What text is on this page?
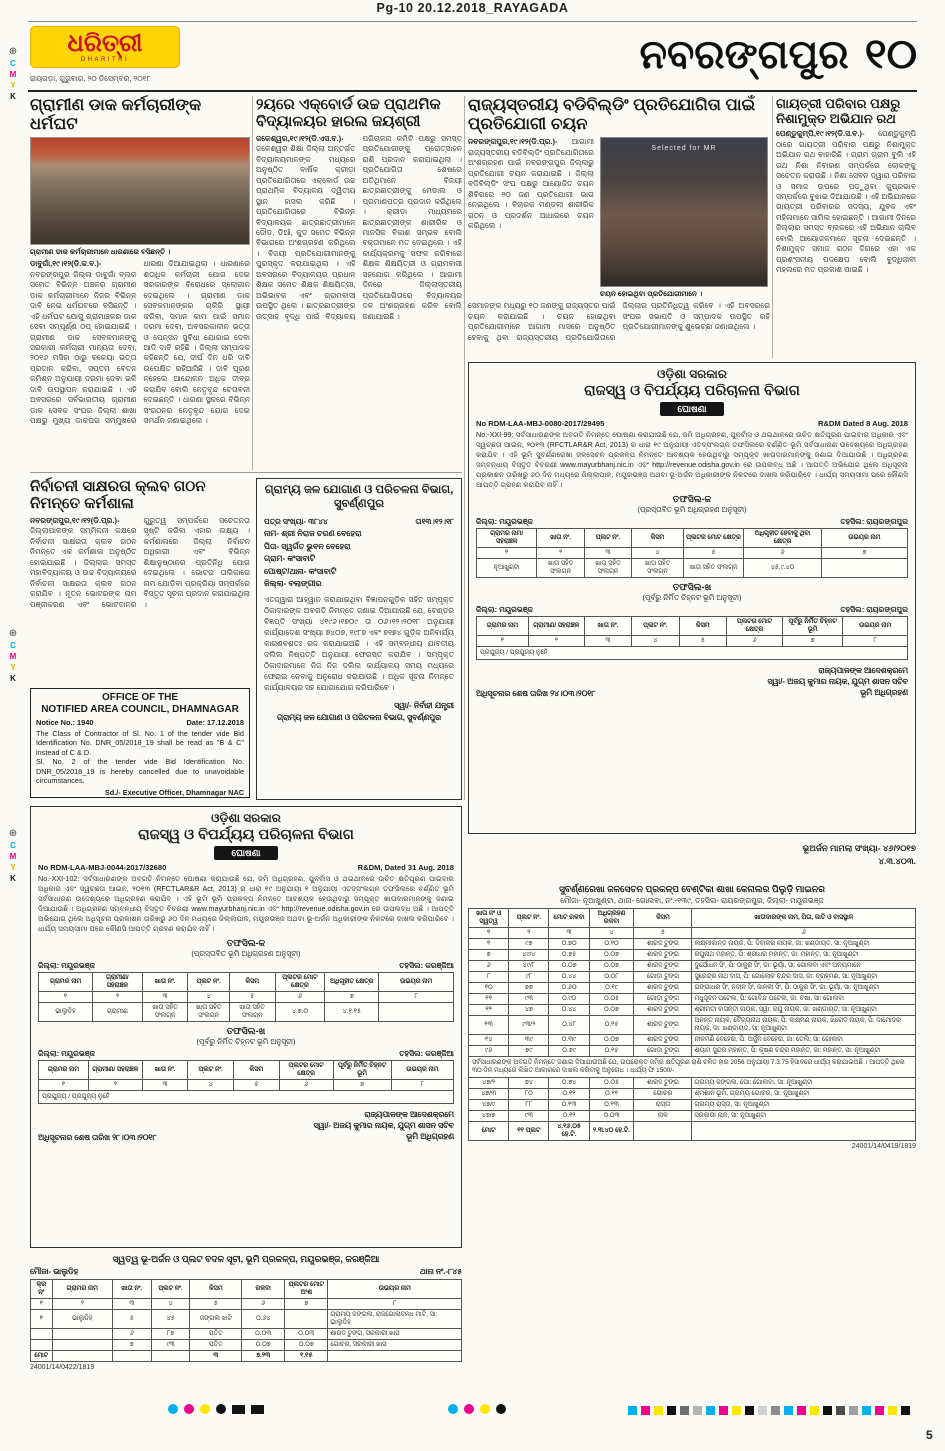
Pg-10 20.12.2018_RAYAGADA
ଧରିତ୍ରୀ
DHARITRI
ରାୟଗଡ଼ା, ଗୁରୁବାର, ୨୦ ଡିସେମ୍ବର, ୨୦୧୮
ନବରଙ୍ଗପୁର ୧୦
⊕
C
M
Y
K
⊕
C
M
Y
K
⊕
C
M
Y
K
ଗ୍ରାମୀଣ ଡାକ କର୍ମଚାରୀଙ୍କ ଧର୍ମଘଟ
ଗ୍ରାମୀଣ ଡାକ କର୍ମଚାରୀମାନେ ଧାରଣାରେ ବସିଛନ୍ତି ।

ଡାବୁଗାଁ,୧୯।୧୨(ଡି.କ.ବ.)- ନବରଙ୍ଗପୁର ଜିଲ୍ଲା ଡାବୁଗାଁ ବ୍ଲକ ସମେତ ବିଭିନ୍ନ ଅଞ୍ଚଳର ଗ୍ରାମୀଣ ଡାକ କର୍ମଚାରୀମାନେ ନିଜର ବିଭିନ୍ନ ଦାବି ନେଇ ଧର୍ମଘଟରେ ବସିଛନ୍ତି । ଏହି ଧର୍ମଘଟ ଯୋଗୁ ଗ୍ରାମାଞ୍ଚଳର ଡାକ ସେବା ସମ୍ପୂର୍ଣ୍ଣ ଠପ୍ ହୋଇଯାଇଛି । ଗ୍ରାମୀଣ ଡାକ ସେବକମାନଙ୍କୁ ସରକାରୀ କର୍ମଚାରୀ ମାନ୍ୟତା ଦେବା, ୨୦୧୬ ମସିହା ଠାରୁ ବକେୟା ଭତ୍ତା ପ୍ରଦାନ କରିବା, ସପ୍ତମ ବେତନ କମିଶନ ଅନୁଯାୟୀ ଦରମା ଦେବା ଭଳି ଦାବି ଉପସ୍ଥାପନ କରାଯାଇଛି । ଏହି ଅବସରରେ ସର୍ବଭାରତୀୟ ଗ୍ରାମୀଣ ଡାକ ସେବକ ସଂଘର ଜିଲ୍ଲା ଶାଖା ପକ୍ଷରୁ ମୁଖ୍ୟ ଡାକଘର ସମ୍ମୁଖରେ ଧାରଣା ଦିଆଯାଇଥିଲା । ଧାରଣାରେ ଶତାଧିକ କର୍ମଚାରୀ ଯୋଗ ଦେଇ ସରକାରଙ୍କ ବିରୋଧରେ ସ୍ଲୋଗାନ ଦେଇଥିଲେ । ଗ୍ରାମୀଣ ଡାକ ସେବକମାନଙ୍କର ଚାକିରି ସ୍ଥାୟୀ କରିବା, ସମାନ କାମ ପାଇଁ ସମାନ ଦରମା ଦେବା, ଅବସରକାଳୀନ ଭତ୍ତା ଓ ପେନ୍ସନ ସୁବିଧା ଯୋଗାଇ ଦେବା ଆଦି ଦାବି ରହିଛି । ଜିଲ୍ଲା ସମ୍ପାଦକ କହିଛନ୍ତି ଯେ, ଦୀର୍ଘ ଦିନ ଧରି ଦାବି ଉପେକ୍ଷିତ ରହିଆସିଛି । ଦାବି ପୂରଣ ନହେଲେ ଆନ୍ଦୋଳନ ଅଧିକ ତୀବ୍ର କରାଯିବ ବୋଲି ନେତୃବୃନ୍ଦ ଚେତାବନୀ ଦେଇଛନ୍ତି । ଧାରଣା ସ୍ଥଳରେ ବିଭିନ୍ନ ସଂଗଠନର ନେତୃବୃନ୍ଦ ଯୋଗ ଦେଇ ସମର୍ଥନ ଜଣାଇଥିଲେ ।

୨ୟରେ ଏକ୍ବୋର୍ଡ ଉଚ୍ଚ ପ୍ରାଥମିକ ବିଦ୍ୟାଳୟର ହାରଲ ଜୟଶ୍ରୀ

ଜଳେଶ୍ୱର,୧୯।୧୨(ଡି.ଏସ.ବ.)- ଜଳେଶ୍ୱର ଶିକ୍ଷା ଜିଲ୍ଲା ଅନ୍ତର୍ଗତ ବିଦ୍ୟାଳୟମାନଙ୍କ ମଧ୍ୟରେ ଅନୁଷ୍ଠିତ ବାର୍ଷିକ କ୍ରୀଡ଼ା ପ୍ରତିଯୋଗିତାରେ ଏକ୍ବୋର୍ଡ ଉଚ୍ଚ ପ୍ରାଥମିକ ବିଦ୍ୟାଳୟ ଦ୍ୱିତୀୟ ସ୍ଥାନ ହାସଲ କରିଛି । ପ୍ରତିଯୋଗିତାରେ ବିଭିନ୍ନ ବିଦ୍ୟାଳୟର ଛାତ୍ରଛାତ୍ରୀମାନେ ଦୌଡ଼, ଡିଆଁ, କୁଦ ସମେତ ବିଭିନ୍ନ ବିଭାଗରେ ଅଂଶଗ୍ରହଣ କରିଥିଲେ । ବିଜୟୀ ପ୍ରତିଯୋଗୀମାନଙ୍କୁ ପୁରସ୍କୃତ କରାଯାଇଥିଲା । ଏହି ଅବସରରେ ବିଦ୍ୟାଳୟର ପ୍ରଧାନ ଶିକ୍ଷକ ସମେତ ଶିକ୍ଷକ ଶିକ୍ଷୟିତ୍ରୀ, ଅଭିଭାବକ ଏବଂ ଗ୍ରାମବାସୀ ଉପସ୍ଥିତ ଥିଲେ । ଛାତ୍ରଛାତ୍ରୀଙ୍କ ଉତ୍ସାହ ବୃଦ୍ଧି ପାଇଁ ବିଦ୍ୟାଳୟ ପରିଚାଳନା କମିଟି ପକ୍ଷରୁ ସମସ୍ତ ପ୍ରତିଯୋଗୀଙ୍କୁ ପ୍ରୋତ୍ସାହନ ରାଶି ପ୍ରଦାନ କରାଯାଇଥିଲା । ପ୍ରତିଯୋଗିତା ଶେଷରେ ଅତିଥିମାନେ ବିଜୟୀ ଛାତ୍ରଛାତ୍ରୀଙ୍କୁ ମେଡାଲ ଓ ପ୍ରମାଣପତ୍ର ପ୍ରଦାନ କରିଥିଲେ । କ୍ରୀଡ଼ା ମାଧ୍ୟମରେ ଛାତ୍ରଛାତ୍ରୀଙ୍କ ଶାରୀରିକ ଓ ମାନସିକ ବିକାଶ ସମ୍ଭବ ବୋଲି ବକ୍ତାମାନେ ମତ ଦେଇଥିଲେ । ଏହି କାର୍ଯ୍ୟକ୍ରମକୁ ସଫଳ କରିବାରେ ଶିକ୍ଷକ ଶିକ୍ଷୟିତ୍ରୀ ଓ ଗ୍ରାମବାସୀ ସହଯୋଗ କରିଥିଲେ । ଆଗାମୀ ଦିନରେ ଜିଲ୍ଲାସ୍ତରୀୟ ପ୍ରତିଯୋଗିତାରେ ବିଦ୍ୟାଳୟର ଦଳ ଅଂଶଗ୍ରହଣ କରିବ ବୋଲି ଜଣାଯାଇଛି ।

ରାଜ୍ୟସ୍ତରୀୟ ବଡିବିଲ୍ଡିଂ ପ୍ରତିଯୋଗିତା ପାଇଁ ପ୍ରତିଯୋଗୀ ଚୟନ

ନବରଙ୍ଗପୁର,୧୯।୧୨(ଡି.ପ୍ର.)- ଆଗାମୀ ରାଜ୍ୟସ୍ତରୀୟ ବଡିବିଲ୍ଡିଂ ପ୍ରତିଯୋଗିତାରେ ଅଂଶଗ୍ରହଣ ପାଇଁ ନବରଙ୍ଗପୁର ଜିଲ୍ଲାରୁ ପ୍ରତିଯୋଗୀ ଚୟନ କରାଯାଇଛି । ଜିଲ୍ଲା ବଡିବିଲ୍ଡିଂ ସଂଘ ପକ୍ଷରୁ ଆୟୋଜିତ ଚୟନ ଶିବିରରେ ୨୦ ଜଣ ପ୍ରତିଯୋଗୀ ଭାଗ ନେଇଥିଲେ । ବିଚାରକ ମଣ୍ଡଳୀ ଶାରୀରିକ ଗଠନ ଓ ପ୍ରଦର୍ଶନ ଆଧାରରେ ଚୟନ କରିଥିଲେ ।

Selected for MR
ଚୟନ ହୋଇଥିବା ପ୍ରତିଯୋଗୀମାନେ ।

ସେମାନଙ୍କ ମଧ୍ୟରୁ ୧୦ ଜଣଙ୍କୁ ରାଜ୍ୟସ୍ତର ପାଇଁ ଚୟନ କରାଯାଇଛି । ଚୟନ ହୋଇଥିବା ପ୍ରତିଯୋଗୀମାନେ ଆଗାମୀ ମାସରେ ଅନୁଷ୍ଠିତ ହେବାକୁ ଥିବା ରାଜ୍ୟସ୍ତରୀୟ ପ୍ରତିଯୋଗିତାରେ ଜିଲ୍ଲାର ପ୍ରତିନିଧିତ୍ୱ କରିବେ । ଏହି ଅବସରରେ ସଂଘର ସଭାପତି ଓ ସମ୍ପାଦକ ଉପସ୍ଥିତ ରହି ପ୍ରତିଯୋଗୀମାନଙ୍କୁ ଶୁଭେଚ୍ଛା ଜଣାଇଥିଲେ ।

ଗାୟତ୍ରୀ ପରିବାର ପକ୍ଷରୁ ନିଶାମୁକ୍ତ ଅଭିଯାନ ରଥ

ପେଣ୍ଡୁକୁମ୍ପି,୧୯।୧୨(ଡି.ସ.ବ.)- ପେଣ୍ଡୁକୁମ୍ପି ଠାରେ ଗାୟତ୍ରୀ ପରିବାର ପକ୍ଷରୁ ନିଶାମୁକ୍ତ ଅଭିଯାନ ରଥ ବାହାରିଛି । ଗ୍ରାମ ଗ୍ରାମ ବୁଲି ଏହି ରଥ ନିଶା ନିବାରଣ ସମ୍ପର୍କରେ ଲୋକଙ୍କୁ ସଚେତନ କରାଉଛି । ନିଶା ସେବନ ଦ୍ୱାରା ପରିବାର ଓ ସମାଜ ଉପରେ ପଡ଼ୁଥିବା କୁପ୍ରଭାବ ସମ୍ପର୍କରେ ବୁଝାଇ ଦିଆଯାଉଛି । ଏହି ଅଭିଯାନରେ ଗାୟତ୍ରୀ ପରିବାରର ସଦସ୍ୟ, ଯୁବକ ଏବଂ ମହିଳାମାନେ ସାମିଲ ହୋଇଛନ୍ତି । ଆଗାମୀ ଦିନରେ ଜିଲ୍ଲାର ସମସ୍ତ ବ୍ଲକରେ ଏହି ଅଭିଯାନ ଚାଲିବ ବୋଲି ଆୟୋଜକମାନେ ସୂଚନା ଦେଇଛନ୍ତି । ନିଶାମୁକ୍ତ ସମାଜ ଗଠନ ଦିଗରେ ଏହା ଏକ ପ୍ରଶଂସନୀୟ ପଦକ୍ଷେପ ବୋଲି ବୁଦ୍ଧିଜୀବୀ ମହଲରେ ମତ ପ୍ରକାଶ ପାଇଛି ।

ନିର୍ବାଚନୀ ସାକ୍ଷରତା କ୍ଲବ ଗଠନ ନିମନ୍ତେ କର୍ମଶାଳା

ନବରଙ୍ଗପୁର,୧୯।୧୨(ଡି.ପ୍ର.)- ଜିଲ୍ଲାପାଳଙ୍କ ସମ୍ମିଳନୀ କକ୍ଷରେ ନିର୍ବାଚନୀ ସାକ୍ଷରତା କ୍ଲବ ଗଠନ ନିମନ୍ତେ ଏକ କର୍ମଶାଳା ଅନୁଷ୍ଠିତ ହୋଇଯାଇଛି । ଜିଲ୍ଲାର ସମସ୍ତ ମହାବିଦ୍ୟାଳୟ ଓ ଉଚ୍ଚ ବିଦ୍ୟାଳୟରେ ନିର୍ବାଚନୀ ସାକ୍ଷରତା କ୍ଲବ ଗଠନ କରାଯିବ । ନୂତନ ଭୋଟରଙ୍କ ନାମ ପଞ୍ଜୀକରଣ ଏବଂ ଭୋଟଦାନର ଗୁରୁତ୍ୱ ସମ୍ପର୍କରେ ସଚେତନତା ସୃଷ୍ଟି କରିବା ଏହାର ଲକ୍ଷ୍ୟ । କର୍ମଶାଳାରେ ଜିଲ୍ଲା ନିର୍ବାଚନ ଅଧିକାରୀ ଏବଂ ବିଭିନ୍ନ ଶିକ୍ଷାନୁଷ୍ଠାନର ପ୍ରତିନିଧି ଯୋଗ ଦେଇଥିଲେ । ଭୋଟର ତାଲିକାରେ ନାମ ଯୋଡ଼ିବା ପ୍ରକ୍ରିୟା ସମ୍ପର୍କରେ ବିସ୍ତୃତ ସୂଚନା ପ୍ରଦାନ କରାଯାଇଥିଲା ।

OFFICE OF THE
NOTIFIED AREA COUNCIL, DHAMNAGAR
Notice No.: 1940	Date: 17.12.2018

The Class of Contractor of Sl. No. 1 of the tender vide Bid Identification No. DNR_05/2018_19 shall be read as "B & C" instead of C & D.

Sl. No. 2 of the tender vide Bid Identification No. DNR_05/2018_19 is hereby cancelled due to unavoidable circumstances.

Sd./- Executive Officer, Dhamnagar NAC
ଗ୍ରାମ୍ୟ ଜଳ ଯୋଗାଣ ଓ ପରିଚଳନା ବିଭାଗ, ସୁବର୍ଣ୍ଣପୁର
ପତ୍ର ସଂଖ୍ୟା- ୩୮୪୪	ତା୧୩।୧୨।୧୮
ନାମ- ଶ୍ରୀ ନିରାଜ ଚରଣ ବେହେରା
ପିତା- ସ୍ୱର୍ଗତ ଭୁବନ ବେହେରା
ଗ୍ରାମ- କଂସାବାଟି
ପୋଷ୍ଟ/ଥାନା- କଂସାବାଟି
ଜିଲ୍ଲା- ବଲାଙ୍ଗୀର

ଏତଦ୍ଦ୍ୱାରା ଆହ୍ୱାନ କରାଯାଇଥିବା ବିଜ୍ଞାପନଗୁଡ଼ିକ ସହିତ ସମ୍ପୃକ୍ତ ଠିକାଦାରଙ୍କ ଅବଗତି ନିମନ୍ତେ ଜଣାଇ ଦିଆଯାଉଛି ଯେ, ଟେଣ୍ଡର ବିଜ୍ଞପ୍ତି ସଂଖ୍ୟା ୪୧୯୬।୧୭୦୯ ତା ୦୬।୧୨।୨୦୧୮ ଅନୁଯାୟୀ କାର୍ଯ୍ୟାଦେଶ ସଂଖ୍ୟା ୭୪୦୭, ୧୯୮୭ ଏବଂ ୭୧୭୪ ଗୁଡ଼ିକ ଅନିବାର୍ଯ୍ୟ କାରଣବଶତଃ ରଦ୍ଦ କରାଯାଇଅଛି । ଏହି ସମ୍ବନ୍ଧୀୟ ଯାବତୀୟ ଦଲିଲ ନିଷ୍ପତ୍ତି ଅନୁଯାୟୀ ଫେରସ୍ତ କରାଯିବ । ସମ୍ପୃକ୍ତ ଠିକାଦାରମାନେ ନିଜ ନିଜ ଦଲିଲ କାର୍ଯ୍ୟାଳୟ ସମୟ ମଧ୍ୟରେ ଫେରାଇ ନେବାକୁ ଅନୁରୋଧ କରାଯାଉଛି । ଅଧିକ ସୂଚନା ନିମନ୍ତେ କାର୍ଯ୍ୟାଳୟର ସହ ଯୋଗାଯୋଗ କରିପାରିବେ ।

ସ୍ୱା/- ନିର୍ବାହୀ ଯନ୍ତ୍ରୀ
ଗ୍ରାମ୍ୟ ଜଳ ଯୋଗାଣ ଓ ପରିଚଳନା ବିଭାଗ, ସୁବର୍ଣ୍ଣପୁର
ଓଡ଼ିଶା ସରକାର
ରାଜସ୍ୱ ଓ ବିପର୍ଯ୍ୟୟ ପରିଚାଳନା ବିଭାଗ
ଘୋଷଣା
No RDM-LAA-MBJ-0080-2017/29495	R&DM Dated 8 Aug. 2018

No.-XXI-99: ସର୍ବସାଧାରଣଙ୍କ ଅବଗତି ନିମନ୍ତେ ଘୋଷଣା କରାଯାଉଛି ଯେ, ଜମି ଅଧିଗ୍ରହଣ, ପୁନର୍ବାସ ଓ ଥଇଥାନରେ ଉଚିତ କ୍ଷତିପୂରଣ ପାଇବାର ଅଧିକାର ଏବଂ ସ୍ୱଚ୍ଛତା ଆଇନ, ୨୦୧୩ (RFCTLAR&R Act, 2013) ର ଧାରା ୧୯ ଅନୁଯାୟୀ ଏତଦ୍ସଂଲଗ୍ନ ତଫସିଲରେ ବର୍ଣ୍ଣିତ ଭୂମି ସର୍ବସାଧାରଣ ଉଦ୍ଦେଶ୍ୟରେ ଅଧିଗ୍ରହଣ କରାଯିବ । ଏହି ଭୂମି ସୁବର୍ଣ୍ଣରେଖା ଜଳସେଚନ ପ୍ରକଳ୍ପ ନିମନ୍ତେ ଆବଶ୍ୟକ ହେଉଥିବାରୁ ସମ୍ପୃକ୍ତ ଖାତାଦାରମାନଙ୍କୁ ଜଣାଇ ଦିଆଯାଉଛି । ଅଧିଗ୍ରହଣ ସମ୍ବନ୍ଧୀୟ ବିସ୍ତୃତ ବିବରଣୀ www.mayurbhanj.nic.in ଏବଂ http://revenue.odisha.gov.in ରେ ଉପଲବ୍ଧ ଅଛି । ଆପତ୍ତି ଅଭିଯୋଗ ଥିଲେ ଅଧିସୂଚନା ପ୍ରକାଶନ ତାରିଖରୁ ୬୦ ଦିନ ମଧ୍ୟରେ ଜିଲ୍ଲାପାଳ, ମୟୂରଭଞ୍ଜ ଅଥବା ଭୂ-ଅର୍ଜନ ଅଧିକାରୀଙ୍କ ନିକଟରେ ଦାଖଲ କରିପାରିବେ । ଧାର୍ଯ୍ୟ ସମୟସୀମା ପରେ କୌଣସି ଆପତ୍ତି ଗ୍ରହଣ କରାଯିବ ନାହିଁ ।

ତଫସିଲ-କ
(ପ୍ରସ୍ତାବିତ ଭୂମି ଅଧିଗ୍ରହଣ ଅନୁସୂଚୀ)
ଜିଲ୍ଲା: ମୟୂରଭଞ୍ଜ	ତହସିଲ: ରାୟରଙ୍ଗପୁର
ଗ୍ରାମର ନାମ/ ସହରାଞ୍ଚଳ	ଖାତା ନଂ.	ପ୍ଲଟ ନଂ.	କିସମ	ପ୍ଲଟର ମୋଟ କ୍ଷେତ୍ର	ଅଧିଗୃହୀତ ହେବାକୁ ଥିବା କ୍ଷେତ୍ର	ଉଭୟର ନାମ
୧	୨	୩	୪	୫	୬	୭
ନୂଆଖୁଣ୍ଟା	ଖାତା ସହିତ ସଂଲଗ୍ନ	ଖାତା ସହିତ ସଂଲଗ୍ନ	ଖାତା ସହିତ ସଂଲଗ୍ନ	ଖାତା ସହିତ ସଂଲଗ୍ନ	୪୫.୯.୪୦	
ତଫସିଲ-ଖ
(ପୂର୍ବରୁ ନିର୍ମିତ ଚିହ୍ନଟ ଭୂମି ଅନୁସୂଚୀ)
ଜିଲ୍ଲା: ମୟୂରଭଞ୍ଜ	ତହସିଲ: ରାୟରଙ୍ଗପୁର
ଗ୍ରାମର ନାମ	ଗ୍ରାମୀଣ/ ସହରାଞ୍ଚଳ	ଖାତା ନଂ.	ପ୍ଲଟ ନଂ.	କିସମ	ପ୍ଲଟର ମୋଟ କ୍ଷେତ୍ର	ପୂର୍ବରୁ ନିର୍ମିତ ଚିହ୍ନଟ ଭୂମି	ଉଭୟର ନାମ
୧	୨	୩	୪	୫	୬	୭	୮
ପ୍ରଯୁଜ୍ୟ / ପ୍ରଯୁଜ୍ୟ ନୁହେଁ							
ଅଧିସୂଚନାର ଶେଷ ତାରିଖ ୨୪।୦୩।୨୦୧୮
ରାଜ୍ୟପାଳଙ୍କ ଆଦେଶକ୍ରମେ
ସ୍ୱା/- ଅଜୟ କୁମାର ନାୟକ, ଯୁଗ୍ମ ଶାସନ ସଚିବ
ଭୂମି ଅଧିଗ୍ରହଣ
ଭୂଅର୍ଜନ ମାମଲା ସଂଖ୍ୟା- ୪୬/୨୦୧୭
୪.୩.୪୦୩.
ସୁବର୍ଣ୍ଣରେଖା ଜଳସେଚନ ପ୍ରକଳ୍ପ ବେଣ୍ଟିକା ଶାଖା କେନାଲର ପିଲୁଡ଼ି ମାଇନର
ମୌଜା- ନୂଆଖୁଣ୍ଟା, ଥାନା- ଗୋଲବା, ନଂ.-୧୩୯, ତହସିଲ- ରାୟରଙ୍ଗପୁର, ଜିଲ୍ଲା- ମୟୂରଭଞ୍ଜ
ଖାତା ନଂ ଓ ସ୍ୱତ୍ୱ	ପ୍ଲଟ ନଂ.	ମୋଟ ରକବା	ଅଧିଗ୍ରହଣ ରକବା	କିସମ	ଖାତାଦାରଙ୍କ ନାମ, ପିତା, ଜାତି ଓ ବାସସ୍ଥାନ
୧	୨	୩	୪	୫	୬
୧	୯୭	୦.୭୦	୦.୧୦	ଶାରଦ ଟୁଙ୍ଗ	ଲକ୍ଷ୍ମୀକାନ୍ତ ନାୟକ, ପି: ଦିବାକର ନାୟକ, ଜା: ଖଣ୍ଡାୟତ, ସା: ନୂଆଖୁଣ୍ଟା
୭	୪୯/୪	୦.୭୫	୦.୦୭	ଶାରଦ ଟୁଙ୍ଗ	ରଘୁନାଥ ମହାନ୍ତ, ପି: ଶ୍ରୀଧର ମହାନ୍ତ, ଜା: ମହାନ୍ତ, ସା: ନୂଆଖୁଣ୍ଟା
୬	୪୯/୮	୦.୦୭	୦.୦୭	ଶାରଦ ଟୁଙ୍ଗ	ଦୁର୍ଯୋଧନ ସିଂ, ପି: ଠାକୁର ସିଂ, ଜା: ଭୂୟାଁ, ସା: ଗୋଲବା ଏବଂ ଅନ୍ୟମାନେ
୮	୯୮	୦.୪୪	୦.୦୮	ଗୋଡ଼ା ଟୁଙ୍ଗ	ସୁରେନ୍ଦ୍ର ନାଥ ଦାସ, ପି: ଗୋଲୋକ ଚନ୍ଦ୍ର ଦାସ, ଜା: ବ୍ରାହ୍ମଣ, ସା: ନୂଆଖୁଣ୍ଟା
୧୦	୭୭	୦.୬୦	୦.୧୯	ଶାରଦ ଟୁଙ୍ଗ	ଗଙ୍ଗାଧର ସିଂ, ନବୀନ ସିଂ, ଜାନକୀ ସିଂ, ପି: ଠାକୁର ସିଂ, ଜା: ଭୂୟାଁ, ସା: ନୂଆଖୁଣ୍ଟା
୧୧	୯୩	୦.୯୦	୦.୦୫	ଗୋଡ଼ା ଟୁଙ୍ଗ	ମଧୁସୂଦନ ପଟେଲ, ପି: ଗୋବିନ୍ଦ ପଟେଲ, ଜା: ଚଷା, ସା: ଗୋଲବା
୧୨	୪୭	୦.୪୪	୦.୦୭	ଶାରଦ ଟୁଙ୍ଗ	ଶ୍ରୀମତୀ ବାସନ୍ତୀ ନାୟକ, ସ୍ୱା: ରଘୁ ନାୟକ, ଜା: ଖଣ୍ଡାୟତ, ସା: ନୂଆଖୁଣ୍ଟା
୧୩	୯୩/୨	୦.୪୮	୦.୧୫	ଶାରଦ ଟୁଙ୍ଗ	ଅନନ୍ତ ନାୟକ, ବୈଦ୍ୟନାଥ ନାୟକ, ପି: ଲକ୍ଷ୍ମଣ ନାୟକ, ଖିରୋଦ ନାୟକ, ପି: ଦାମୋଦର ନାୟକ, ଜା: ଖଣ୍ଡାୟତ, ସା: ନୂଆଖୁଣ୍ଟା
୧୪	୩୯	୦.୩୯	୦.୦୭	ଶାରଦ ଟୁଙ୍ଗ	ନୀଳମଣି ବେହେରା, ପି: ଅର୍ଜୁନ ବେହେରା, ଜା: ତେଲି, ସା: ଗୋଲବା
୯୬	୭୯	୦.୭୯	୦.୧୫	ଗୋଡ଼ା ଟୁଙ୍ଗ	ଶ୍ୟାମ ସୁନ୍ଦର ମହାନ୍ତ, ପି: କୃଷ୍ଣ ଚନ୍ଦ୍ର ମହାନ୍ତ, ଜା: ମହାନ୍ତ, ସା: ନୂଆଖୁଣ୍ଟା
ସର୍ବସାଧାରଣଙ୍କ ଅବଗତି ନିମନ୍ତେ ଜଣାଇ ଦିଆଯାଉଅଛି ଯେ, ଉପରୋକ୍ତ ଜମିର କ୍ଷତିପୂରଣ ରାଶି ଚଳିତ ହାର 2056 ଅନୁଯାୟୀ 7.3.75 ହିସାବରେ ଧାର୍ଯ୍ୟ କରାଯାଇଅଛି । ଆପତ୍ତି ଥିଲେ ୩୦ ଦିନ ମଧ୍ୟରେ ଲିଖିତ ଆକାରରେ ଦାଖଲ କରିବାକୁ ଅନୁରୋଧ । ଧାର୍ଯ୍ୟ ଫି 1500/-					
୪୭/୨	୭୪	୦.୭୪	୦.୦୫	ଶାରଦ ଟୁଙ୍ଗ	ଗ୍ରାମ୍ୟ ଜଙ୍ଗଲ, ପୋ: ଗୋଲବା, ସା: ନୂଆଖୁଣ୍ଟା
୪୭/୩	୮୦	୦.୧୧	୦.୧୧	ଗୋଚର	ଶ୍ମଶାନ ଭୂମି, ଗ୍ରାମ୍ୟ ଗୋଚର, ସା: ନୂଆଖୁଣ୍ଟା
୪୭/୯	୮୮	୦.୧୩	୦.୧୩	ରାସ୍ତା	ଗ୍ରାମ୍ୟ ରାସ୍ତା, ସା: ନୂଆଖୁଣ୍ଟା
୪୭/୭	୯୩	୦.୧୨	୦.୦୩	ନାଳ	ସରକାରୀ ନାଳ, ସା: ନୂଆଖୁଣ୍ଟା
ମୋଟ	୧୧ ପ୍ଲଟ	୪.୧୬.୦୫ ହେ.ଟି.	୨.୩.୪୦ ହେ.ଟି.		
24001/14/0419/1819
ଓଡ଼ିଶା ସରକାର
ରାଜସ୍ୱ ଓ ବିପର୍ଯ୍ୟୟ ପରିଚାଳନା ବିଭାଗ
ଘୋଷଣା
No RDM-LAA-MBJ-0044-2017/32680	R&DM, Dated 31 Aug. 2018

No.-XXI-102: ସର୍ବସାଧାରଣଙ୍କ ଅବଗତି ନିମନ୍ତେ ଘୋଷଣା କରାଯାଉଛି ଯେ, ଜମି ଅଧିଗ୍ରହଣ, ପୁନର୍ବାସ ଓ ଥଇଥାନରେ ଉଚିତ କ୍ଷତିପୂରଣ ପାଇବାର ଅଧିକାର ଏବଂ ସ୍ୱଚ୍ଛତା ଆଇନ, ୨୦୧୩ (RFCTLAR&R Act, 2013) ର ଧାରା ୧୯ ଅନୁଯାୟୀ ୧ ଅନୁଯାୟୀ ଏତଦ୍ସଂଲଗ୍ନ ତଫସିଲରେ ବର୍ଣ୍ଣିତ ଭୂମି ସର୍ବସାଧାରଣ ଉଦ୍ଦେଶ୍ୟରେ ଅଧିଗ୍ରହଣ କରାଯିବ । ଏହି ଭୂମି ଭୂମି ପ୍ରକଳ୍ପ ନିମନ୍ତେ ଆବଶ୍ୟକ ହେଉଥିବାରୁ ସମ୍ପୃକ୍ତ ଖାତାଦାରମାନଙ୍କୁ ଜଣାଇ ଦିଆଯାଉଛି । ଅଧିଗ୍ରହଣ ସମ୍ବନ୍ଧୀୟ ବିସ୍ତୃତ ବିବରଣୀ www.mayurbhanj.nic.in ଏବଂ http://revenue.odisha.gov.in ରେ ଉପଲବ୍ଧ ଅଛି । ଆପତ୍ତି ଅଭିଯୋଗ ଥିଲେ ଅଧିସୂଚନା ପ୍ରକାଶନ ତାରିଖରୁ ୬୦ ଦିନ ମଧ୍ୟରେ ଜିଲ୍ଲାପାଳ, ମୟୂରଭଞ୍ଜ ଅଥବା ଭୂ-ଅର୍ଜନ ଅଧିକାରୀଙ୍କ ନିକଟରେ ଦାଖଲ କରିପାରିବେ । ଧାର୍ଯ୍ୟ ସମୟସୀମା ପରେ କୌଣସି ଆପତ୍ତି ଗ୍ରହଣ କରାଯିବ ନାହିଁ ।

ତଫସିଲ-କ
(ପ୍ରସ୍ତାବିତ ଭୂମି ଅଧିଗ୍ରହଣ ଅନୁସୂଚୀ)
ଜିଲ୍ଲା: ମୟୂରଭଞ୍ଜ	ତହସିଲ: କରଞ୍ଜିଆ
ଗ୍ରାମର ନାମ	ଗ୍ରାମୀଣ/ ସହରାଞ୍ଚଳ	ଖାତା ନଂ.	ପ୍ଲଟ ନଂ.	କିସମ	ପ୍ଲଟର ମୋଟ କ୍ଷେତ୍ର	ଅଧିଗୃହୀତ କ୍ଷେତ୍ର	ଉଭୟର ନାମ
୧	୨	୩	୪	୫	୬	୭	୮
ଭାଲୁଡିହ	ଗ୍ରାମୀଣ	ଖାତା ସହିତ ସଂଲଗ୍ନ	ଖାତା ସହିତ ସଂଲଗ୍ନ	ଖାତା ସହିତ ସଂଲଗ୍ନ	୪.୭.୦	୪.୧.୧୫	
ତଫସିଲ-ଖ
(ପୂର୍ବରୁ ନିର୍ମିତ ଚିହ୍ନଟ ଭୂମି ଅନୁସୂଚୀ)
ଜିଲ୍ଲା: ମୟୂରଭଞ୍ଜ	ତହସିଲ: କରଞ୍ଜିଆ
ଗ୍ରାମର ନାମ	ଗ୍ରାମୀଣ/ ସହରାଞ୍ଚଳ	ଖାତା ନଂ.	ପ୍ଲଟ ନଂ.	କିସମ	ପ୍ଲଟର ମୋଟ କ୍ଷେତ୍ର	ପୂର୍ବରୁ ନିର୍ମିତ ଚିହ୍ନଟ ଭୂମି	ଉଭୟର ନାମ
୧	୨	୩	୪	୫	୬	୭	୮
ପ୍ରଯୁଜ୍ୟ / ପ୍ରଯୁଜ୍ୟ ନୁହେଁ							
ଅଧିସୂଚନାର ଶେଷ ତାରିଖ ୨୮।୦୩।୨୦୧୮
ରାଜ୍ୟପାଳଙ୍କ ଆଦେଶକ୍ରମେ
ସ୍ୱା/- ଅଜୟ କୁମାର ନାୟକ, ଯୁଗ୍ମ ଶାସନ ସଚିବ
ଭୂମି ଅଧିଗ୍ରହଣ
ସ୍ୱତ୍ୱ ଭୂ-ଅର୍ଜନ ଓ ପ୍ଲଟ ବଦଳ ସୂଚୀ, ଭୂମି ପ୍ରକଳ୍ପ, ମୟୂରଭଞ୍ଜ, କରଞ୍ଜିଆ
ମୌଜା- ଭାଲୁଡିହ	ଥାନା ନଂ.-୮୪୫
କ୍ର ନଂ	ଗ୍ରାମର ନାମ	ଖାତା ନଂ.	ପ୍ଲଟ ନଂ.	କିସମ	ରକବା	ପ୍ଲଟର ମୋଟ ଅଂଶ	ଉଭୟର ନାମ
୧	୨	୩	୪	୫	୬	୭	୮
୧	ଭାଲୁଡିହ	୫	୪୫	ଜଙ୍ଗଲ ଝାଟି	୦.୬୪		ଗ୍ରାମ୍ୟ ଜଙ୍ଗଲ, ରାଜଗୋଲାବନ୍ଧ ମାଟି, ସା: ଭାଲୁଡିହ
		୬	୮୭	ପତିତ	୦.୦୩	୦.୦୩	ଶାରଦ ଟୁଙ୍ଗ, ସରକାରୀ ଖାସ
		୭	୯୩	ପତିତ	୦.୦୭	୦.୦୭	ଗୋଚର, ସରକାରୀ ଖାସ
ମୋଟ				୩	୭.୨୩	୧.୧୫	
24001/14/0422/1819
5
